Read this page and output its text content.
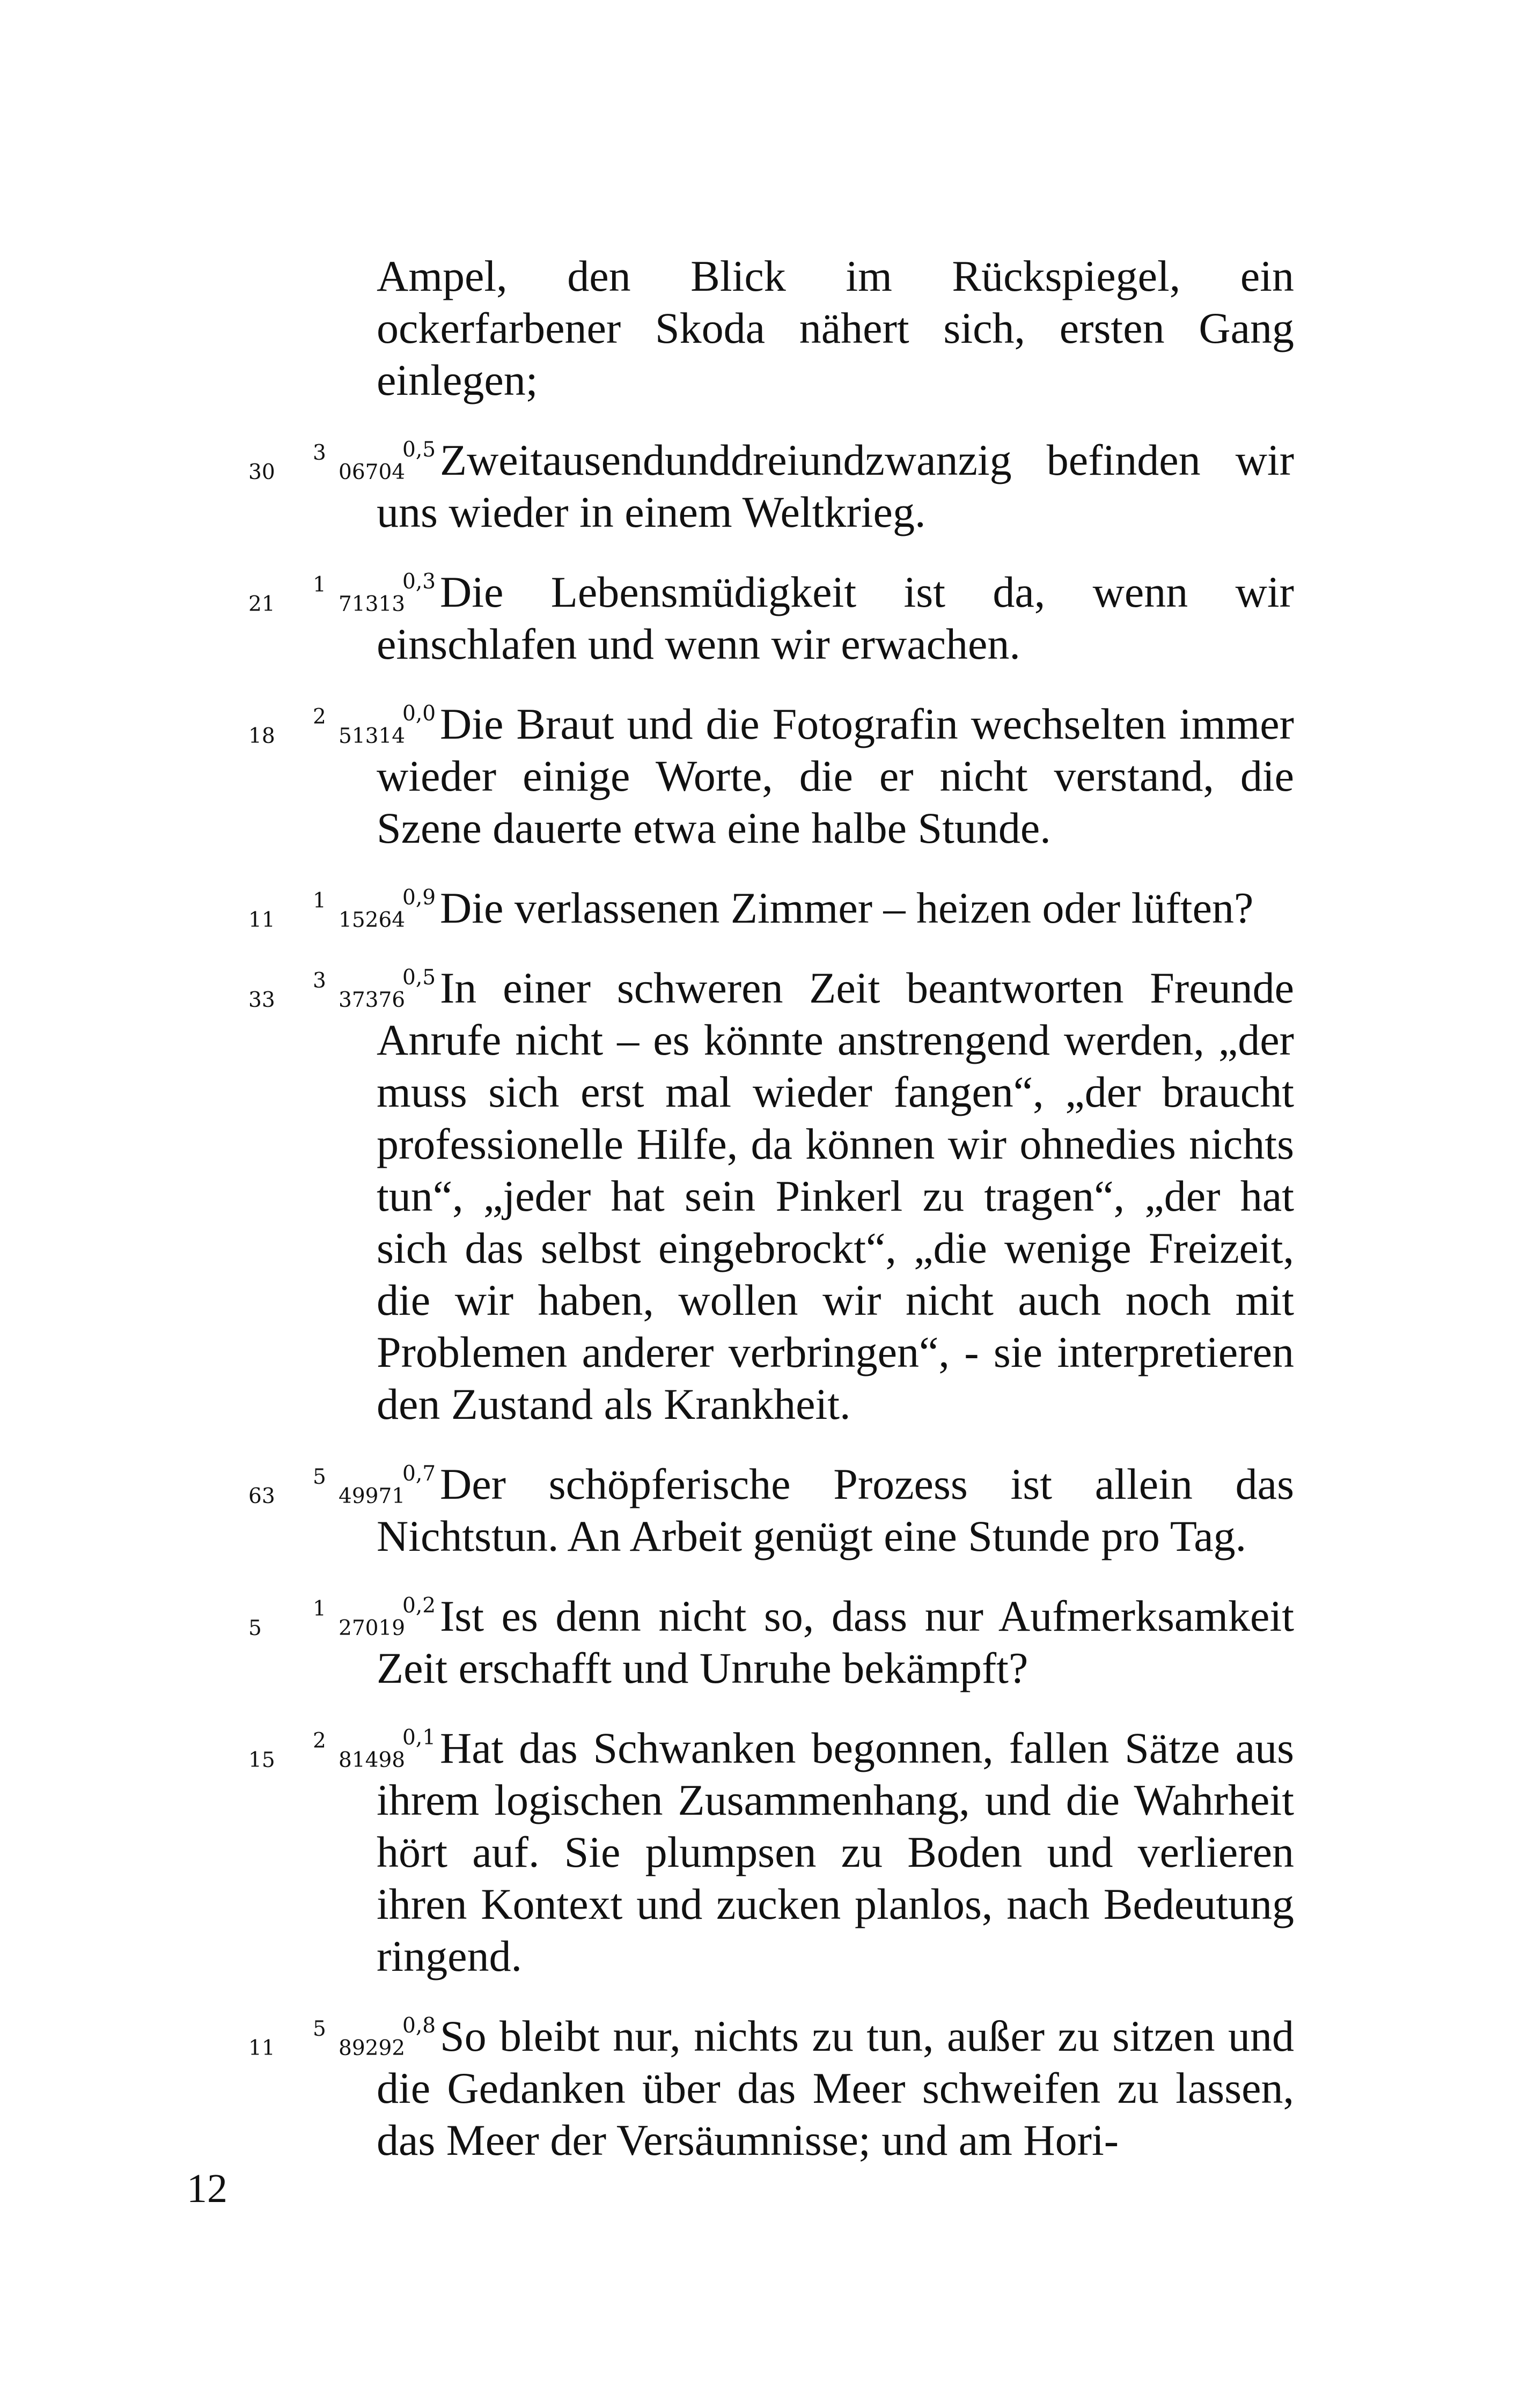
Ampel, den Blick im Rückspiegel, ein ockerfarbener Skoda nähert sich, ersten Gang einlegen;

30
3
06704
0,5 Zweitausendunddreiundzwanzig befinden wir uns wieder in einem Weltkrieg.

21
1
71313
0,3 Die Lebensmüdigkeit ist da, wenn wir einschlafen und wenn wir erwachen.

18
2
51314
0,0 Die Braut und die Fotografin wechselten immer wieder einige Worte, die er nicht verstand, die Szene dauerte etwa eine halbe Stunde.

11
1
15264
0,9 Die verlassenen Zimmer – heizen oder lüften?

33
3
37376
0,5 In einer schweren Zeit beantworten Freunde Anrufe nicht – es könnte anstrengend werden, „der muss sich erst mal wieder fangen“, „der braucht professionelle Hilfe, da können wir ohnedies nichts tun“, „jeder hat sein Pinkerl zu tragen“, „der hat sich das selbst eingebrockt“, „die wenige Freizeit, die wir haben, wollen wir nicht auch noch mit Problemen anderer verbringen“, - sie interpretieren den Zustand als Krankheit.

63
5
49971
0,7 Der schöpferische Prozess ist allein das Nichtstun. An Arbeit genügt eine Stunde pro Tag.

5
1
27019
0,2 Ist es denn nicht so, dass nur Aufmerksamkeit Zeit erschafft und Unruhe bekämpft?

15
2
81498
0,1 Hat das Schwanken begonnen, fallen Sätze aus ihrem logischen Zusammenhang, und die Wahrheit hört auf. Sie plumpsen zu Boden und verlieren ihren Kontext und zucken planlos, nach Bedeutung ringend.

11
5
89292
0,8 So bleibt nur, nichts zu tun, außer zu sitzen und die Gedanken über das Meer schweifen zu lassen, das Meer der Versäumnisse; und am Hori-

12
